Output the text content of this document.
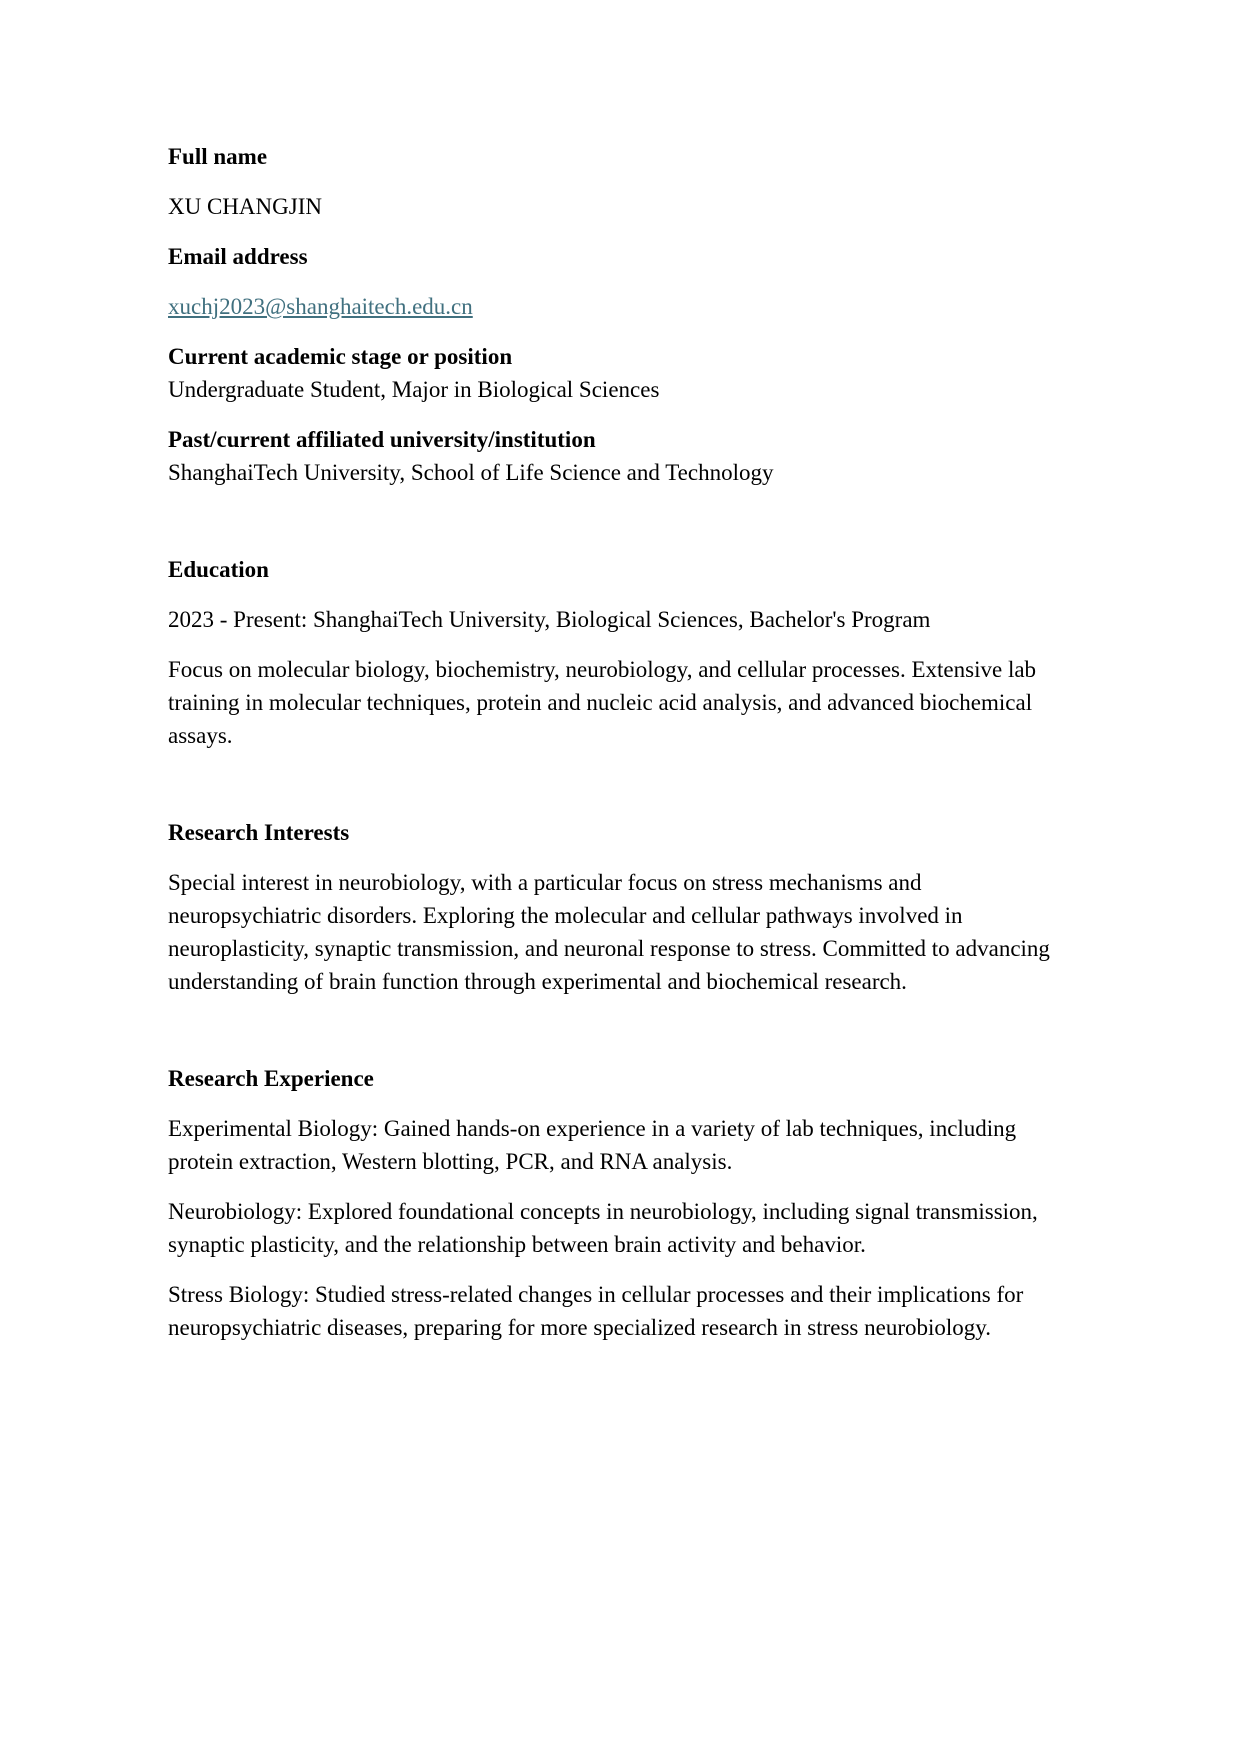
Full name

XU CHANGJIN

Email address

xuchj2023@shanghaitech.edu.cn

Current academic stage or position

Undergraduate Student, Major in Biological Sciences

Past/current affiliated university/institution

ShanghaiTech University, School of Life Science and Technology

Education

2023 - Present: ShanghaiTech University, Biological Sciences, Bachelor's Program

Focus on molecular biology, biochemistry, neurobiology, and cellular processes. Extensive lab training in molecular techniques, protein and nucleic acid analysis, and advanced biochemical assays.

Research Interests

Special interest in neurobiology, with a particular focus on stress mechanisms and neuropsychiatric disorders. Exploring the molecular and cellular pathways involved in neuroplasticity, synaptic transmission, and neuronal response to stress. Committed to advancing understanding of brain function through experimental and biochemical research.

Research Experience

Experimental Biology: Gained hands-on experience in a variety of lab techniques, including protein extraction, Western blotting, PCR, and RNA analysis.

Neurobiology: Explored foundational concepts in neurobiology, including signal transmission, synaptic plasticity, and the relationship between brain activity and behavior.

Stress Biology: Studied stress-related changes in cellular processes and their implications for neuropsychiatric diseases, preparing for more specialized research in stress neurobiology.
